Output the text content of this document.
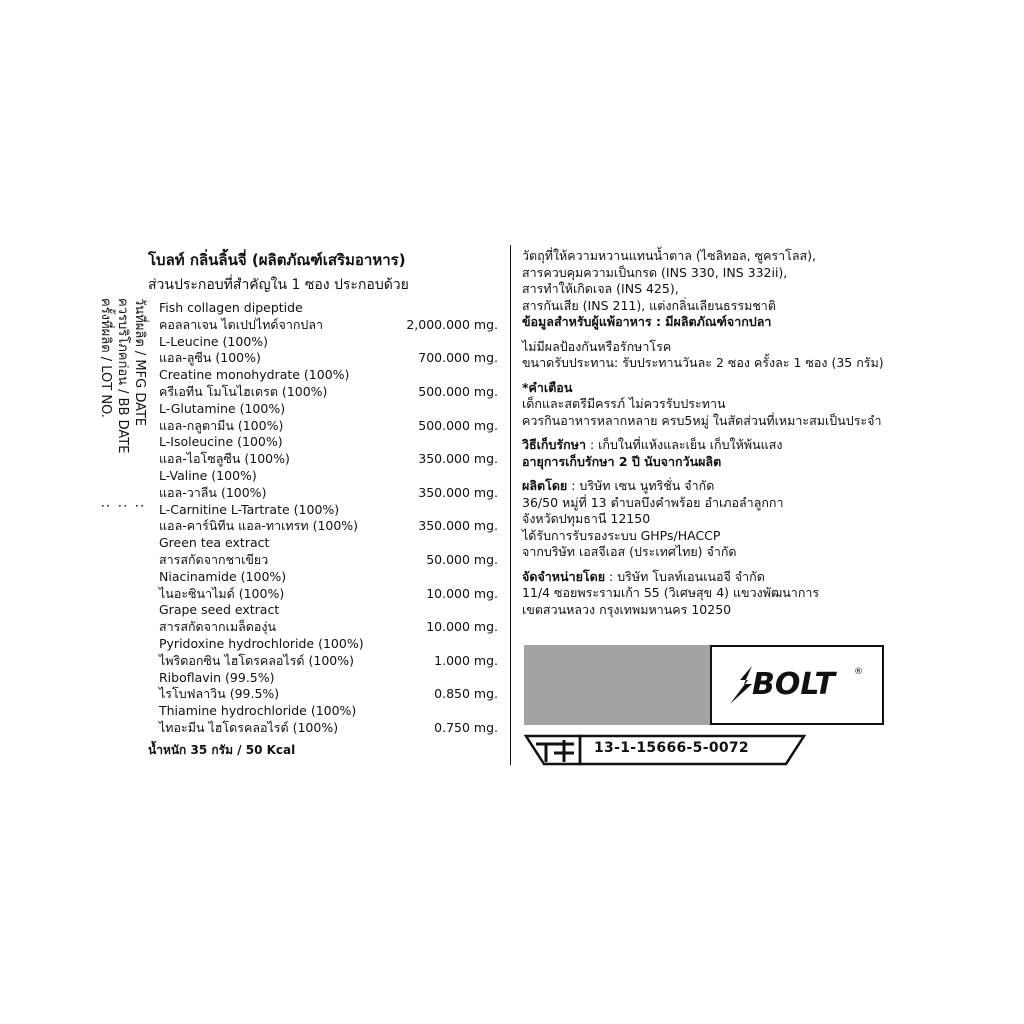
วันที่ผลิต / MFG DATE
:
ควรบริโภคก่อน / BB DATE
:
ครั้งที่ผลิต / LOT NO.
:

โบลท์ กลิ่นลิ้นจี่ (ผลิตภัณฑ์เสริมอาหาร)

ส่วนประกอบที่สำคัญใน 1 ซอง ประกอบด้วย

Fish collagen dipeptide
คอลลาเจน ไดเปปไทด์จากปลา	2,000.000 mg.
L-Leucine (100%)
แอล-ลูซีน (100%)	700.000 mg.
Creatine monohydrate (100%)
ครีเอทีน โมโนไฮเดรต (100%)	500.000 mg.
L-Glutamine (100%)
แอล-กลูตามีน (100%)	500.000 mg.
L-Isoleucine (100%)
แอล-ไอโซลูซีน (100%)	350.000 mg.
L-Valine (100%)
แอล-วาลีน (100%)	350.000 mg.
L-Carnitine L-Tartrate (100%)
แอล-คาร์นิทีน แอล-ทาเทรท (100%)	350.000 mg.
Green tea extract
สารสกัดจากชาเขียว	50.000 mg.
Niacinamide (100%)
ไนอะซินาไมด์ (100%)	10.000 mg.
Grape seed extract
สารสกัดจากเมล็ดองุ่น	10.000 mg.
Pyridoxine hydrochloride (100%)
ไพริดอกซิน ไฮโดรคลอไรด์ (100%)	1.000 mg.
Riboflavin (99.5%)
ไรโบฟลาวิน (99.5%)	0.850 mg.
Thiamine hydrochloride (100%)
ไทอะมีน ไฮโดรคลอไรด์ (100%)	0.750 mg.
น้ำหนัก 35 กรัม / 50 Kcal

วัตถุที่ให้ความหวานแทนน้ำตาล (ไซลิทอล, ซูคราโลส),

สารควบคุมความเป็นกรด (INS 330, INS 332ii),

สารทำให้เกิดเจล (INS 425),

สารกันเสีย (INS 211), แต่งกลิ่นเลียนธรรมชาติ

ข้อมูลสำหรับผู้แพ้อาหาร : มีผลิตภัณฑ์จากปลา

ไม่มีผลป้องกันหรือรักษาโรค

ขนาดรับประทาน: รับประทานวันละ 2 ซอง ครั้งละ 1 ซอง (35 กรัม)

*คำเตือน

เด็กและสตรีมีครรภ์ ไม่ควรรับประทาน

ควรกินอาหารหลากหลาย ครบ5หมู่ ในสัดส่วนที่เหมาะสมเป็นประจำ

วิธีเก็บรักษา : เก็บในที่แห้งและเย็น เก็บให้พ้นแสง

อายุการเก็บรักษา 2 ปี นับจากวันผลิต

ผลิตโดย : บริษัท เซน นูทริชั่น จำกัด

36/50 หมู่ที่ 13 ตำบลบึงคำพร้อย อำเภอลำลูกกา

จังหวัดปทุมธานี 12150

ได้รับการรับรองระบบ GHPs/HACCP

จากบริษัท เอสจีเอส (ประเทศไทย) จำกัด

จัดจำหน่ายโดย : บริษัท โบลท์เอนเนอจี จำกัด

11/4 ซอยพระรามเก้า 55 (วิเศษสุข 4) แขวงพัฒนาการ

เขตสวนหลวง กรุงเทพมหานคร 10250

BOLT ®
13-1-15666-5-0072
